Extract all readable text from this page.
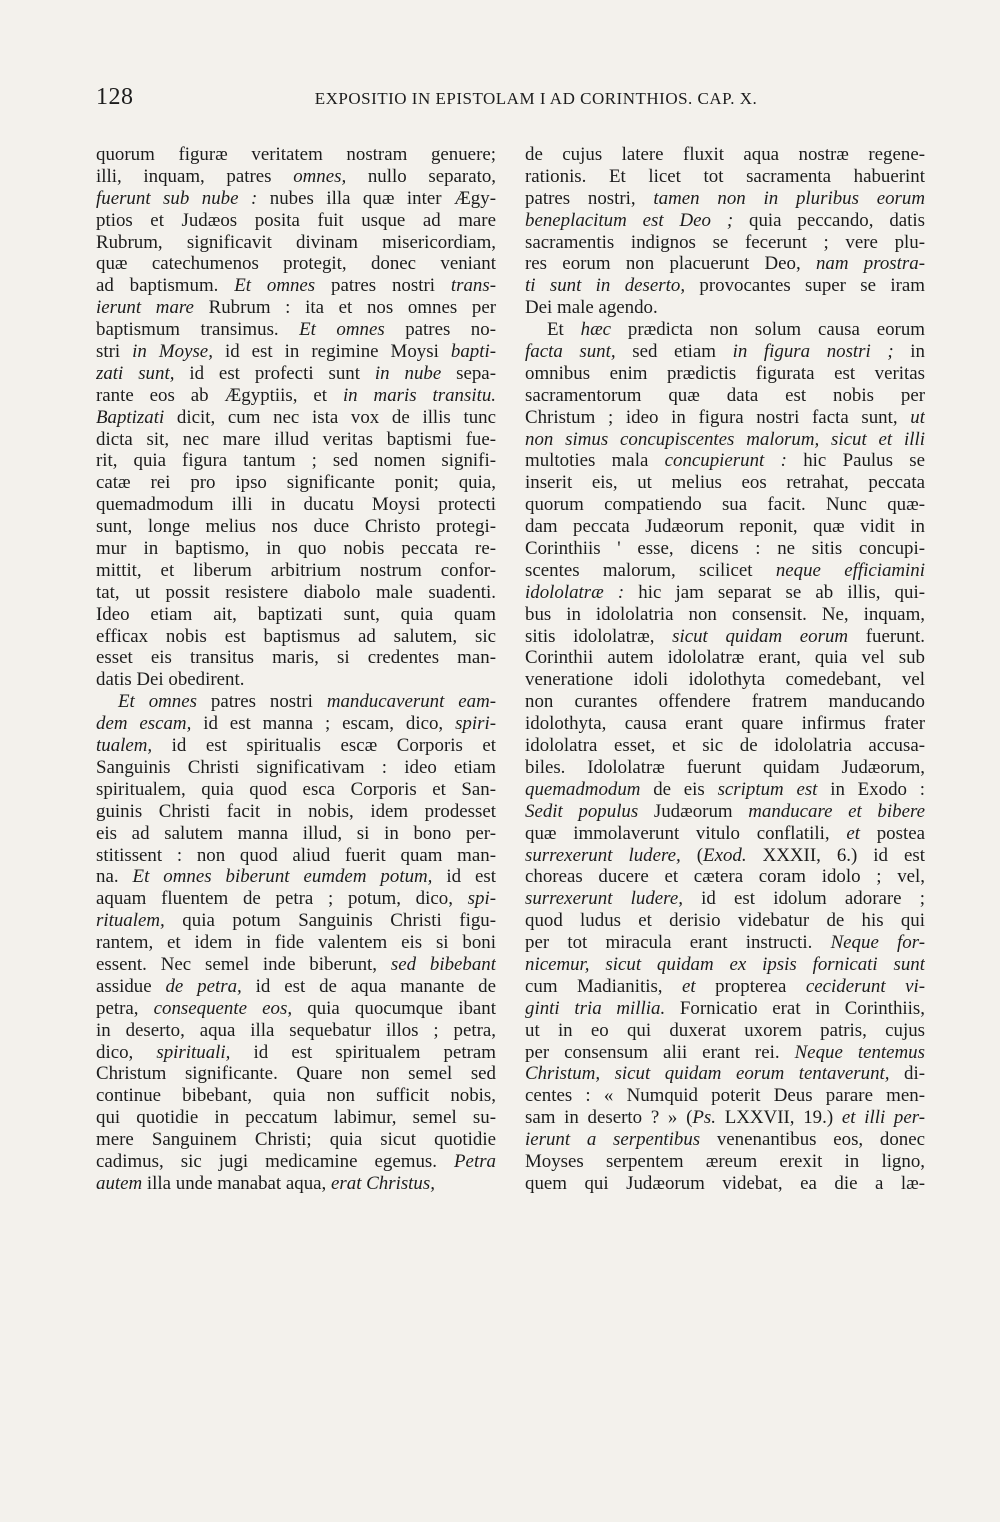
128	EXPOSITIO IN EPISTOLAM I AD CORINTHIOS. CAP. X.
quorum figuræ veritatem nostram genuere;
illi, inquam, patres omnes, nullo separato,
fuerunt sub nube : nubes illa quæ inter Ægy-
ptios et Judæos posita fuit usque ad mare
Rubrum, significavit divinam misericordiam,
quæ catechumenos protegit, donec veniant
ad baptismum. Et omnes patres nostri trans-
ierunt mare Rubrum : ita et nos omnes per
baptismum transimus. Et omnes patres no-
stri in Moyse, id est in regimine Moysi bapti-
zati sunt, id est profecti sunt in nube sepa-
rante eos ab Ægyptiis, et in maris transitu.
Baptizati dicit, cum nec ista vox de illis tunc
dicta sit, nec mare illud veritas baptismi fue-
rit, quia figura tantum ; sed nomen signifi-
catæ rei pro ipso significante ponit; quia,
quemadmodum illi in ducatu Moysi protecti
sunt, longe melius nos duce Christo protegi-
mur in baptismo, in quo nobis peccata re-
mittit, et liberum arbitrium nostrum confor-
tat, ut possit resistere diabolo male suadenti.
Ideo etiam ait, baptizati sunt, quia quam
efficax nobis est baptismus ad salutem, sic
esset eis transitus maris, si credentes man-
datis Dei obedirent.
Et omnes patres nostri manducaverunt eam-
dem escam, id est manna ; escam, dico, spiri-
tualem, id est spiritualis escæ Corporis et
Sanguinis Christi significativam : ideo etiam
spiritualem, quia quod esca Corporis et San-
guinis Christi facit in nobis, idem prodesset
eis ad salutem manna illud, si in bono per-
stitissent : non quod aliud fuerit quam man-
na. Et omnes biberunt eumdem potum, id est
aquam fluentem de petra ; potum, dico, spi-
ritualem, quia potum Sanguinis Christi figu-
rantem, et idem in fide valentem eis si boni
essent. Nec semel inde biberunt, sed bibebant
assidue de petra, id est de aqua manante de
petra, consequente eos, quia quocumque ibant
in deserto, aqua illa sequebatur illos ; petra,
dico, spirituali, id est spiritualem petram
Christum significante. Quare non semel sed
continue bibebant, quia non sufficit nobis,
qui quotidie in peccatum labimur, semel su-
mere Sanguinem Christi; quia sicut quotidie
cadimus, sic jugi medicamine egemus. Petra
autem illa unde manabat aqua, erat Christus,
de cujus latere fluxit aqua nostræ regene-
rationis. Et licet tot sacramenta habuerint
patres nostri, tamen non in pluribus eorum
beneplacitum est Deo ; quia peccando, datis
sacramentis indignos se fecerunt ; vere plu-
res eorum non placuerunt Deo, nam prostra-
ti sunt in deserto, provocantes super se iram
Dei male agendo.
Et hæc prædicta non solum causa eorum
facta sunt, sed etiam in figura nostri ; in
omnibus enim prædictis figurata est veritas
sacramentorum quæ data est nobis per
Christum ; ideo in figura nostri facta sunt, ut
non simus concupiscentes malorum, sicut et illi
multoties mala concupierunt : hic Paulus se
inserit eis, ut melius eos retrahat, peccata
quorum compatiendo sua facit. Nunc quæ-
dam peccata Judæorum reponit, quæ vidit in
Corinthiis ' esse, dicens : ne sitis concupi-
scentes malorum, scilicet neque efficiamini
idololatræ : hic jam separat se ab illis, qui-
bus in idololatria non consensit. Ne, inquam,
sitis idololatræ, sicut quidam eorum fuerunt.
Corinthii autem idololatræ erant, quia vel sub
veneratione idoli idolothyta comedebant, vel
non curantes offendere fratrem manducando
idolothyta, causa erant quare infirmus frater
idololatra esset, et sic de idololatria accusa-
biles. Idololatræ fuerunt quidam Judæorum,
quemadmodum de eis scriptum est in Exodo :
Sedit populus Judæorum manducare et bibere
quæ immolaverunt vitulo conflatili, et postea
surrexerunt ludere, (Exod. XXXII, 6.) id est
choreas ducere et cætera coram idolo ; vel,
surrexerunt ludere, id est idolum adorare ;
quod ludus et derisio videbatur de his qui
per tot miracula erant instructi. Neque for-
nicemur, sicut quidam ex ipsis fornicati sunt
cum Madianitis, et propterea ceciderunt vi-
ginti tria millia. Fornicatio erat in Corinthiis,
ut in eo qui duxerat uxorem patris, cujus
per consensum alii erant rei. Neque tentemus
Christum, sicut quidam eorum tentaverunt, di-
centes : « Numquid poterit Deus parare men-
sam in deserto ? » (Ps. LXXVII, 19.) et illi per-
ierunt a serpentibus venenantibus eos, donec
Moyses serpentem æreum erexit in ligno,
quem qui Judæorum videbat, ea die a læ-
